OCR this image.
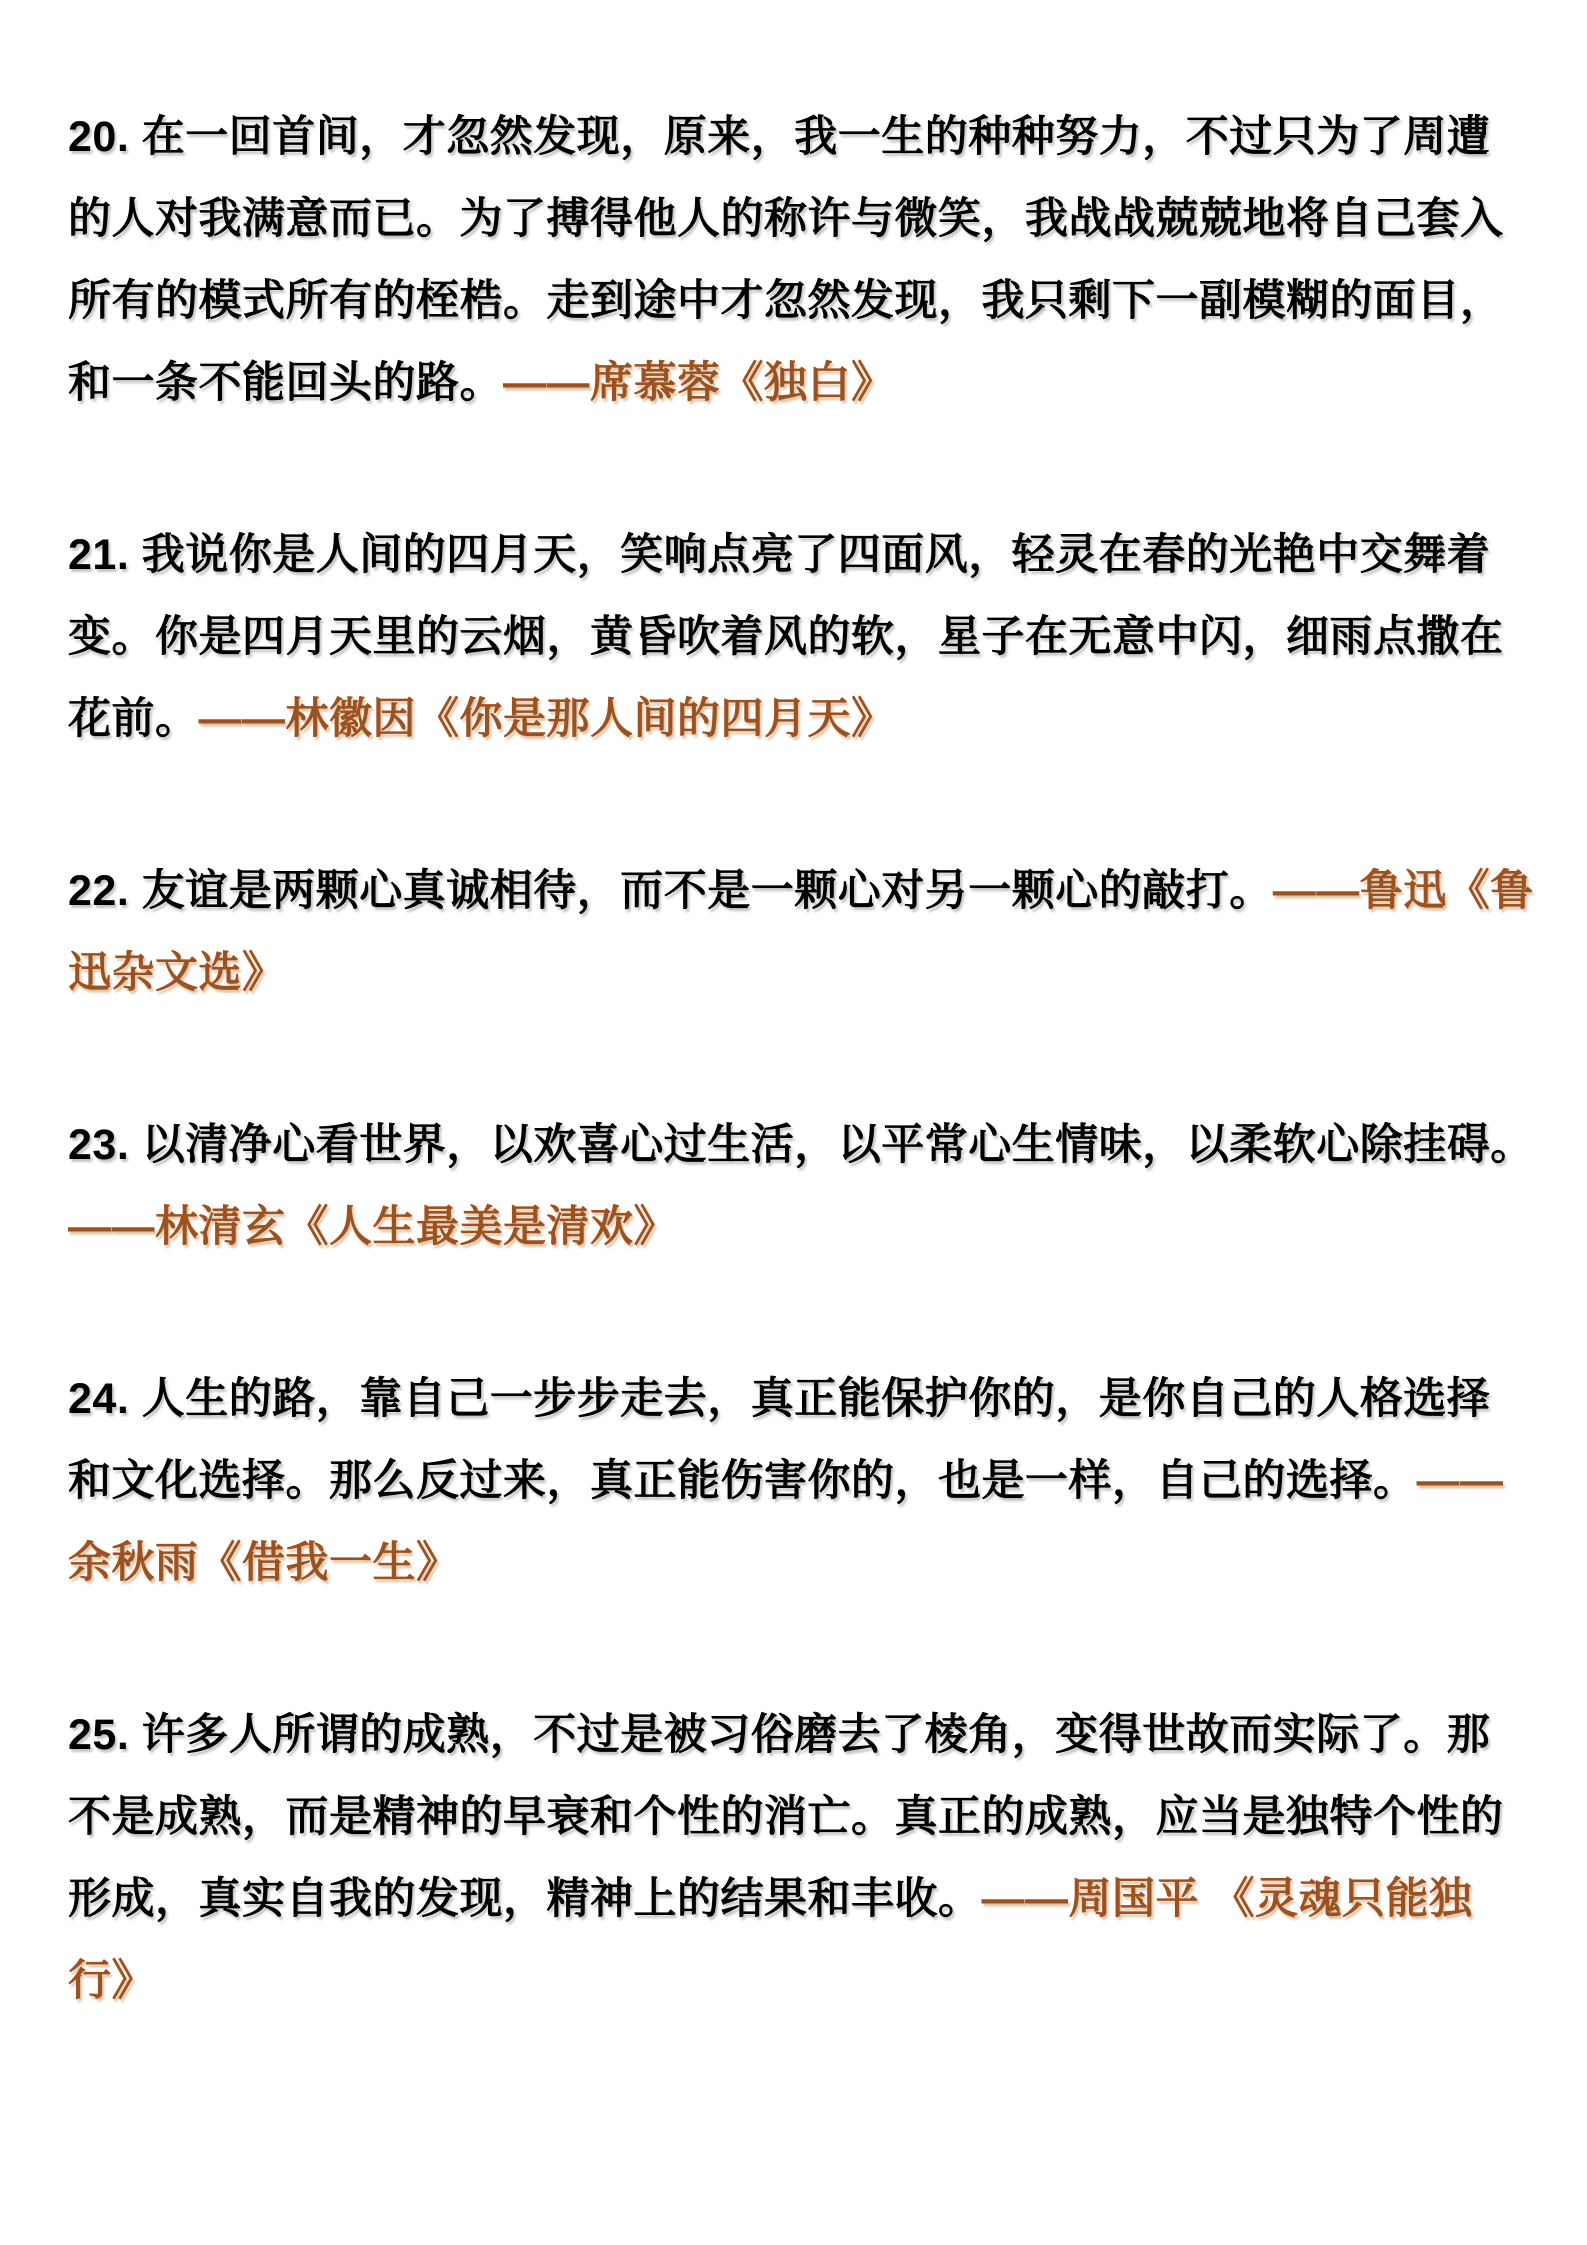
20. 在一回首间，才忽然发现，原来，我一生的种种努力，不过只为了周遭
的人对我满意而已。为了搏得他人的称许与微笑，我战战兢兢地将自己套入
所有的模式所有的桎梏。走到途中才忽然发现，我只剩下一副模糊的面目，
和一条不能回头的路。——席慕蓉《独白》
21. 我说你是人间的四月天，笑响点亮了四面风，轻灵在春的光艳中交舞着
变。你是四月天里的云烟，黄昏吹着风的软，星子在无意中闪，细雨点撒在
花前。——林徽因《你是那人间的四月天》
22. 友谊是两颗心真诚相待，而不是一颗心对另一颗心的敲打。——鲁迅《鲁
迅杂文选》
23. 以清净心看世界，以欢喜心过生活，以平常心生情味，以柔软心除挂碍。
——林清玄《人生最美是清欢》
24. 人生的路，靠自己一步步走去，真正能保护你的，是你自己的人格选择
和文化选择。那么反过来，真正能伤害你的，也是一样，自己的选择。——
余秋雨《借我一生》
25. 许多人所谓的成熟，不过是被习俗磨去了棱角，变得世故而实际了。那
不是成熟，而是精神的早衰和个性的消亡。真正的成熟，应当是独特个性的
形成，真实自我的发现，精神上的结果和丰收。——周国平 《灵魂只能独
行》
